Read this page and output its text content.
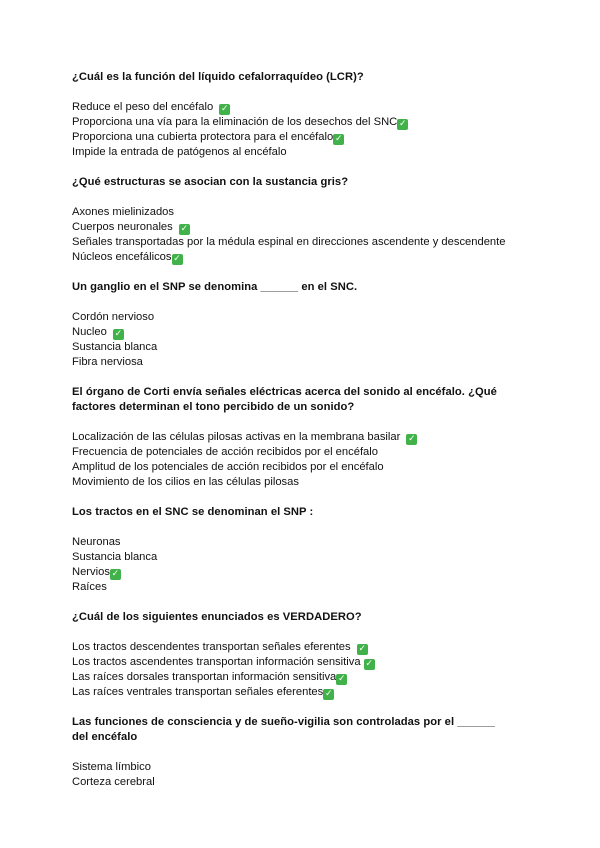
¿Cuál es la función del líquido cefalorraquídeo (LCR)?
Reduce el peso del encéfalo ✓
Proporciona una vía para la eliminación de los desechos del SNC ✓
Proporciona una cubierta protectora para el encéfalo ✓
Impide la entrada de patógenos al encéfalo
¿Qué estructuras se asocian con la sustancia gris?
Axones mielinizados
Cuerpos neuronales ✓
Señales transportadas por la médula espinal en direcciones ascendente y descendente
Núcleos encefálicos ✓
Un ganglio en el SNP se denomina ______ en el SNC.
Cordón nervioso
Nucleo ✓
Sustancia blanca
Fibra nerviosa
El órgano de Corti envía señales eléctricas acerca del sonido al encéfalo. ¿Qué factores determinan el tono percibido de un sonido?
Localización de las células pilosas activas en la membrana basilar ✓
Frecuencia de potenciales de acción recibidos por el encéfalo
Amplitud de los potenciales de acción recibidos por el encéfalo
Movimiento de los cilios en las células pilosas
Los tractos en el SNC se denominan el SNP :
Neuronas
Sustancia blanca
Nervios ✓
Raíces
¿Cuál de los siguientes enunciados es VERDADERO?
Los tractos descendentes transportan señales eferentes ✓
Los tractos ascendentes transportan información sensitiva ✓
Las raíces dorsales transportan información sensitiva ✓
Las raíces ventrales transportan señales eferentes ✓
Las funciones de consciencia y de sueño-vigilia son controladas por el ______ del encéfalo
Sistema límbico
Corteza cerebral
